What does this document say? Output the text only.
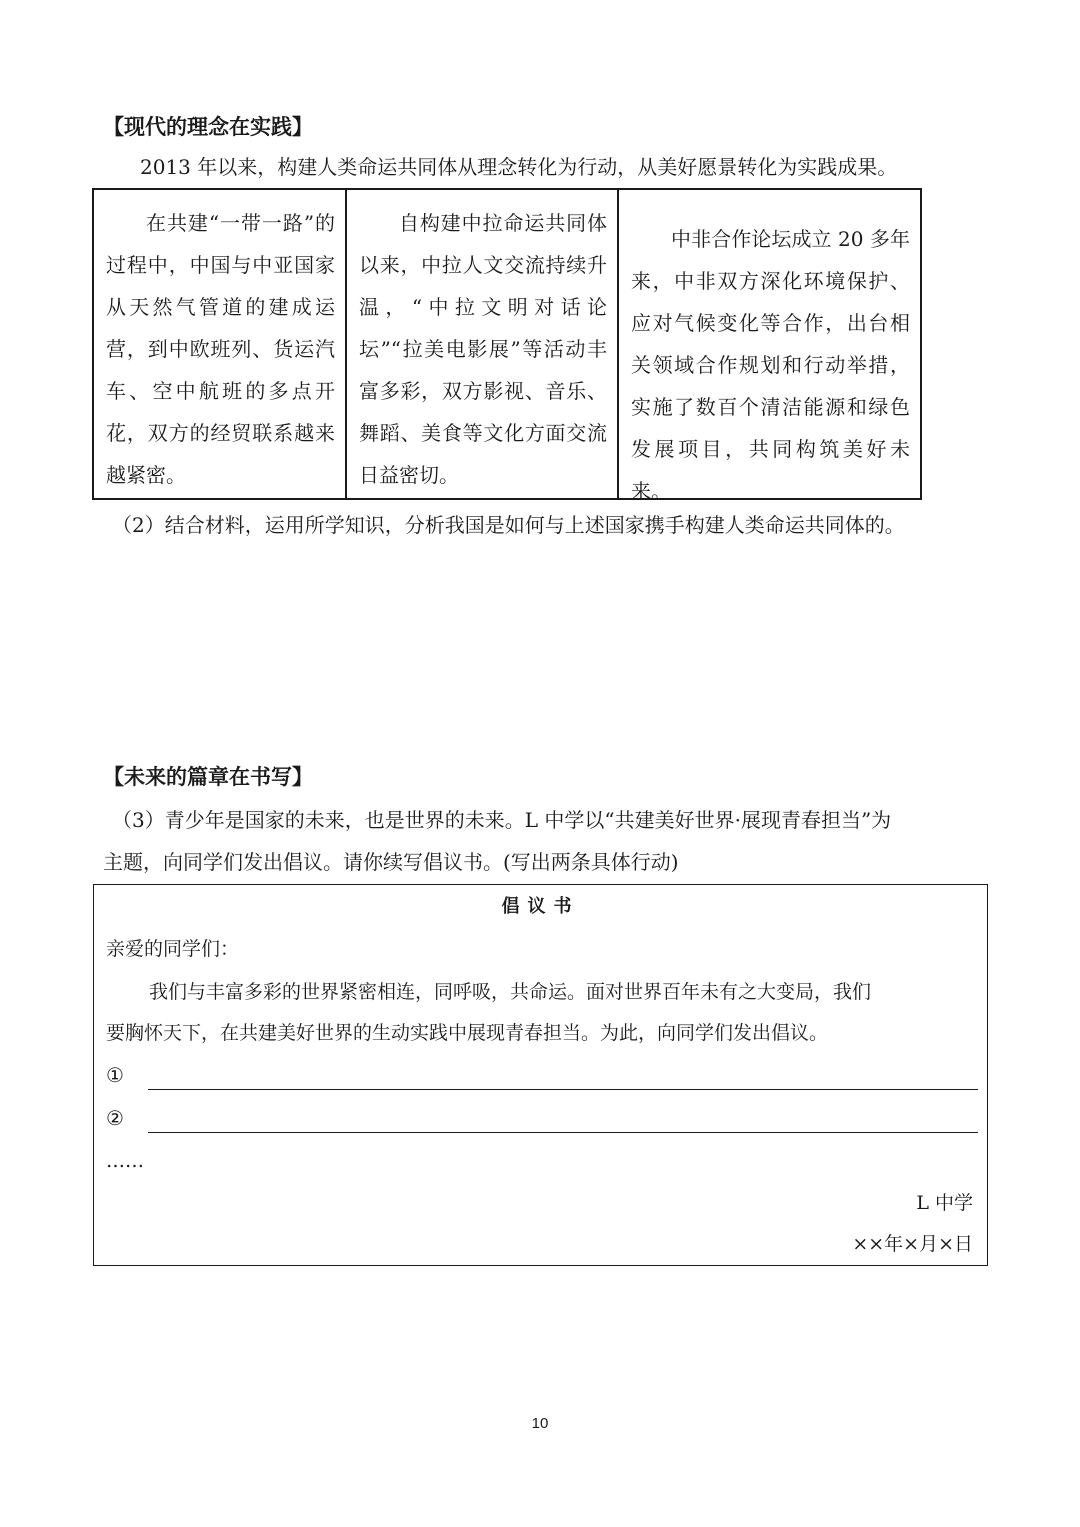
【现代的理念在实践】
2013 年以来，构建人类命运共同体从理念转化为行动，从美好愿景转化为实践成果。
在共建“一带一路”的过程中，中国与中亚国家从天然气管道的建成运营，到中欧班列、货运汽车、空中航班的多点开花，双方的经贸联系越来越紧密。
自构建中拉命运共同体以来，中拉人文交流持续升温，“中拉文明对话论坛”“拉美电影展”等活动丰富多彩，双方影视、音乐、舞蹈、美食等文化方面交流日益密切。
中非合作论坛成立 20 多年来，中非双方深化环境保护、应对气候变化等合作，出台相关领域合作规划和行动举措，实施了数百个清洁能源和绿色发展项目，共同构筑美好未来。
（2）结合材料，运用所学知识，分析我国是如何与上述国家携手构建人类命运共同体的。
【未来的篇章在书写】
（3）青少年是国家的未来，也是世界的未来。L 中学以“共建美好世界·展现青春担当”为
主题，向同学们发出倡议。请你续写倡议书。(写出两条具体行动)
倡议书
亲爱的同学们：
我们与丰富多彩的世界紧密相连，同呼吸，共命运。面对世界百年未有之大变局，我们
要胸怀天下，在共建美好世界的生动实践中展现青春担当。为此，向同学们发出倡议。
①
②
……
L 中学
××年×月×日
10
